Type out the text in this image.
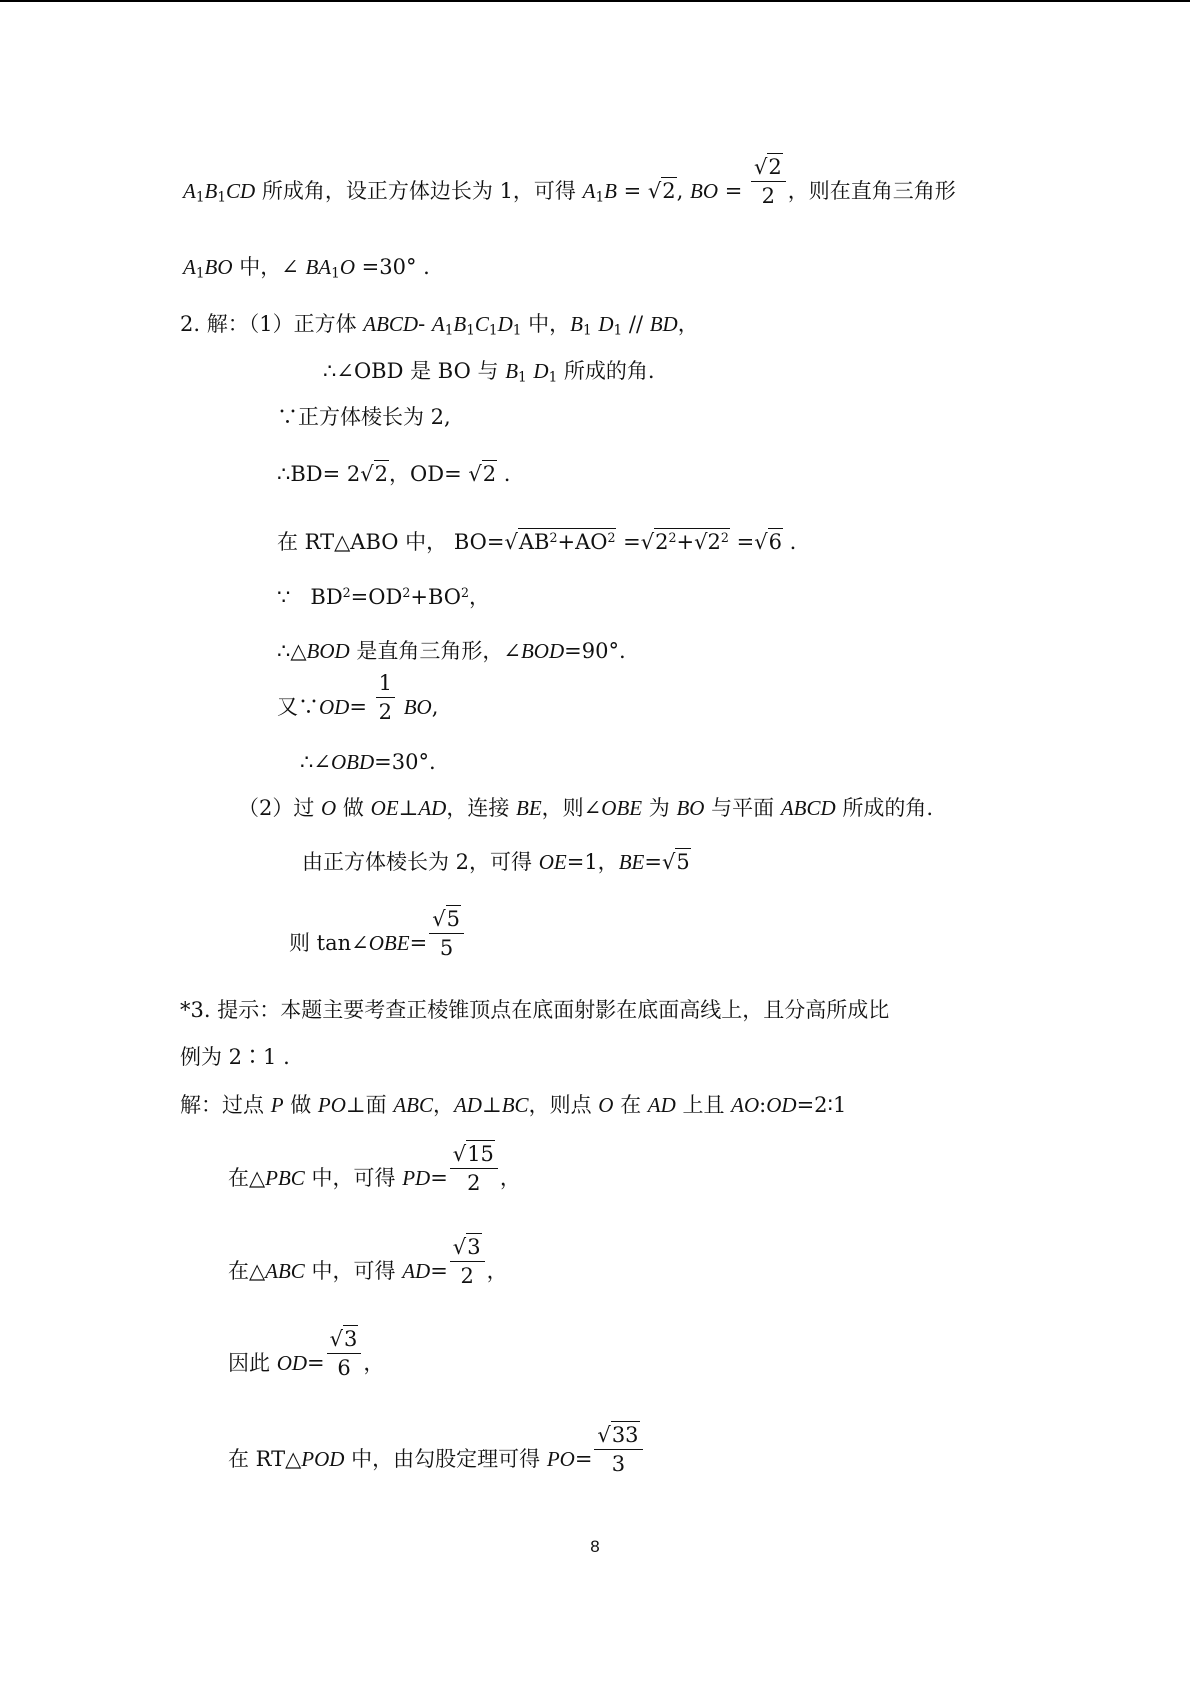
$A_1B_1CD$ 所成角，设正方体边长为 1，可得 $A_1B = √2$, BO = $\frac{√2}{2}$ ，则在直角三角形
$A_1BO$ 中，∠ $BA_1O =30^\circ$ .
2. 解：（1）正方体 ABCD- $A_1B_1C_1D_1$ 中，$B_1$ $D_1$ // BD，
∴∠OBD 是 BO 与 $B_1$ $D_1$ 所成的角.
∵正方体棱长为 2,
∴BD= 2√2，OD= √2 .
在 RT△ABO 中， $BO=√AB^2+AO^2 =√2^2+√2^2 =√6$ .
∵   $BD^2=OD^2+BO^2$，
∴△BOD 是直角三角形，∠BOD=90°.
又∵OD= $\frac{1}{2}$ BO,
∴∠OBD=30°.
（2）过 O 做 OE⊥AD，连接 BE，则∠OBE 为 BO 与平面 ABCD 所成的角.
由正方体棱长为 2，可得 OE=1，BE=√5
则 tan∠OBE= $\frac{√5}{5}$
*3. 提示：本题主要考查正棱锥顶点在底面射影在底面高线上，且分高所成比
例为 2∶1 .
解：过点 P 做 PO⊥面 ABC，AD⊥BC，则点 O 在 AD 上且 AO:OD=2∶1
在△PBC 中，可得 $PD= \frac{√15}{2}$ ，
在△ABC 中，可得 $AD= \frac{√3}{2}$ ，
因此 $OD= \frac{√3}{6}$ ，
在 RT△POD 中，由勾股定理可得 $PO= \frac{√33}{3}$
8
